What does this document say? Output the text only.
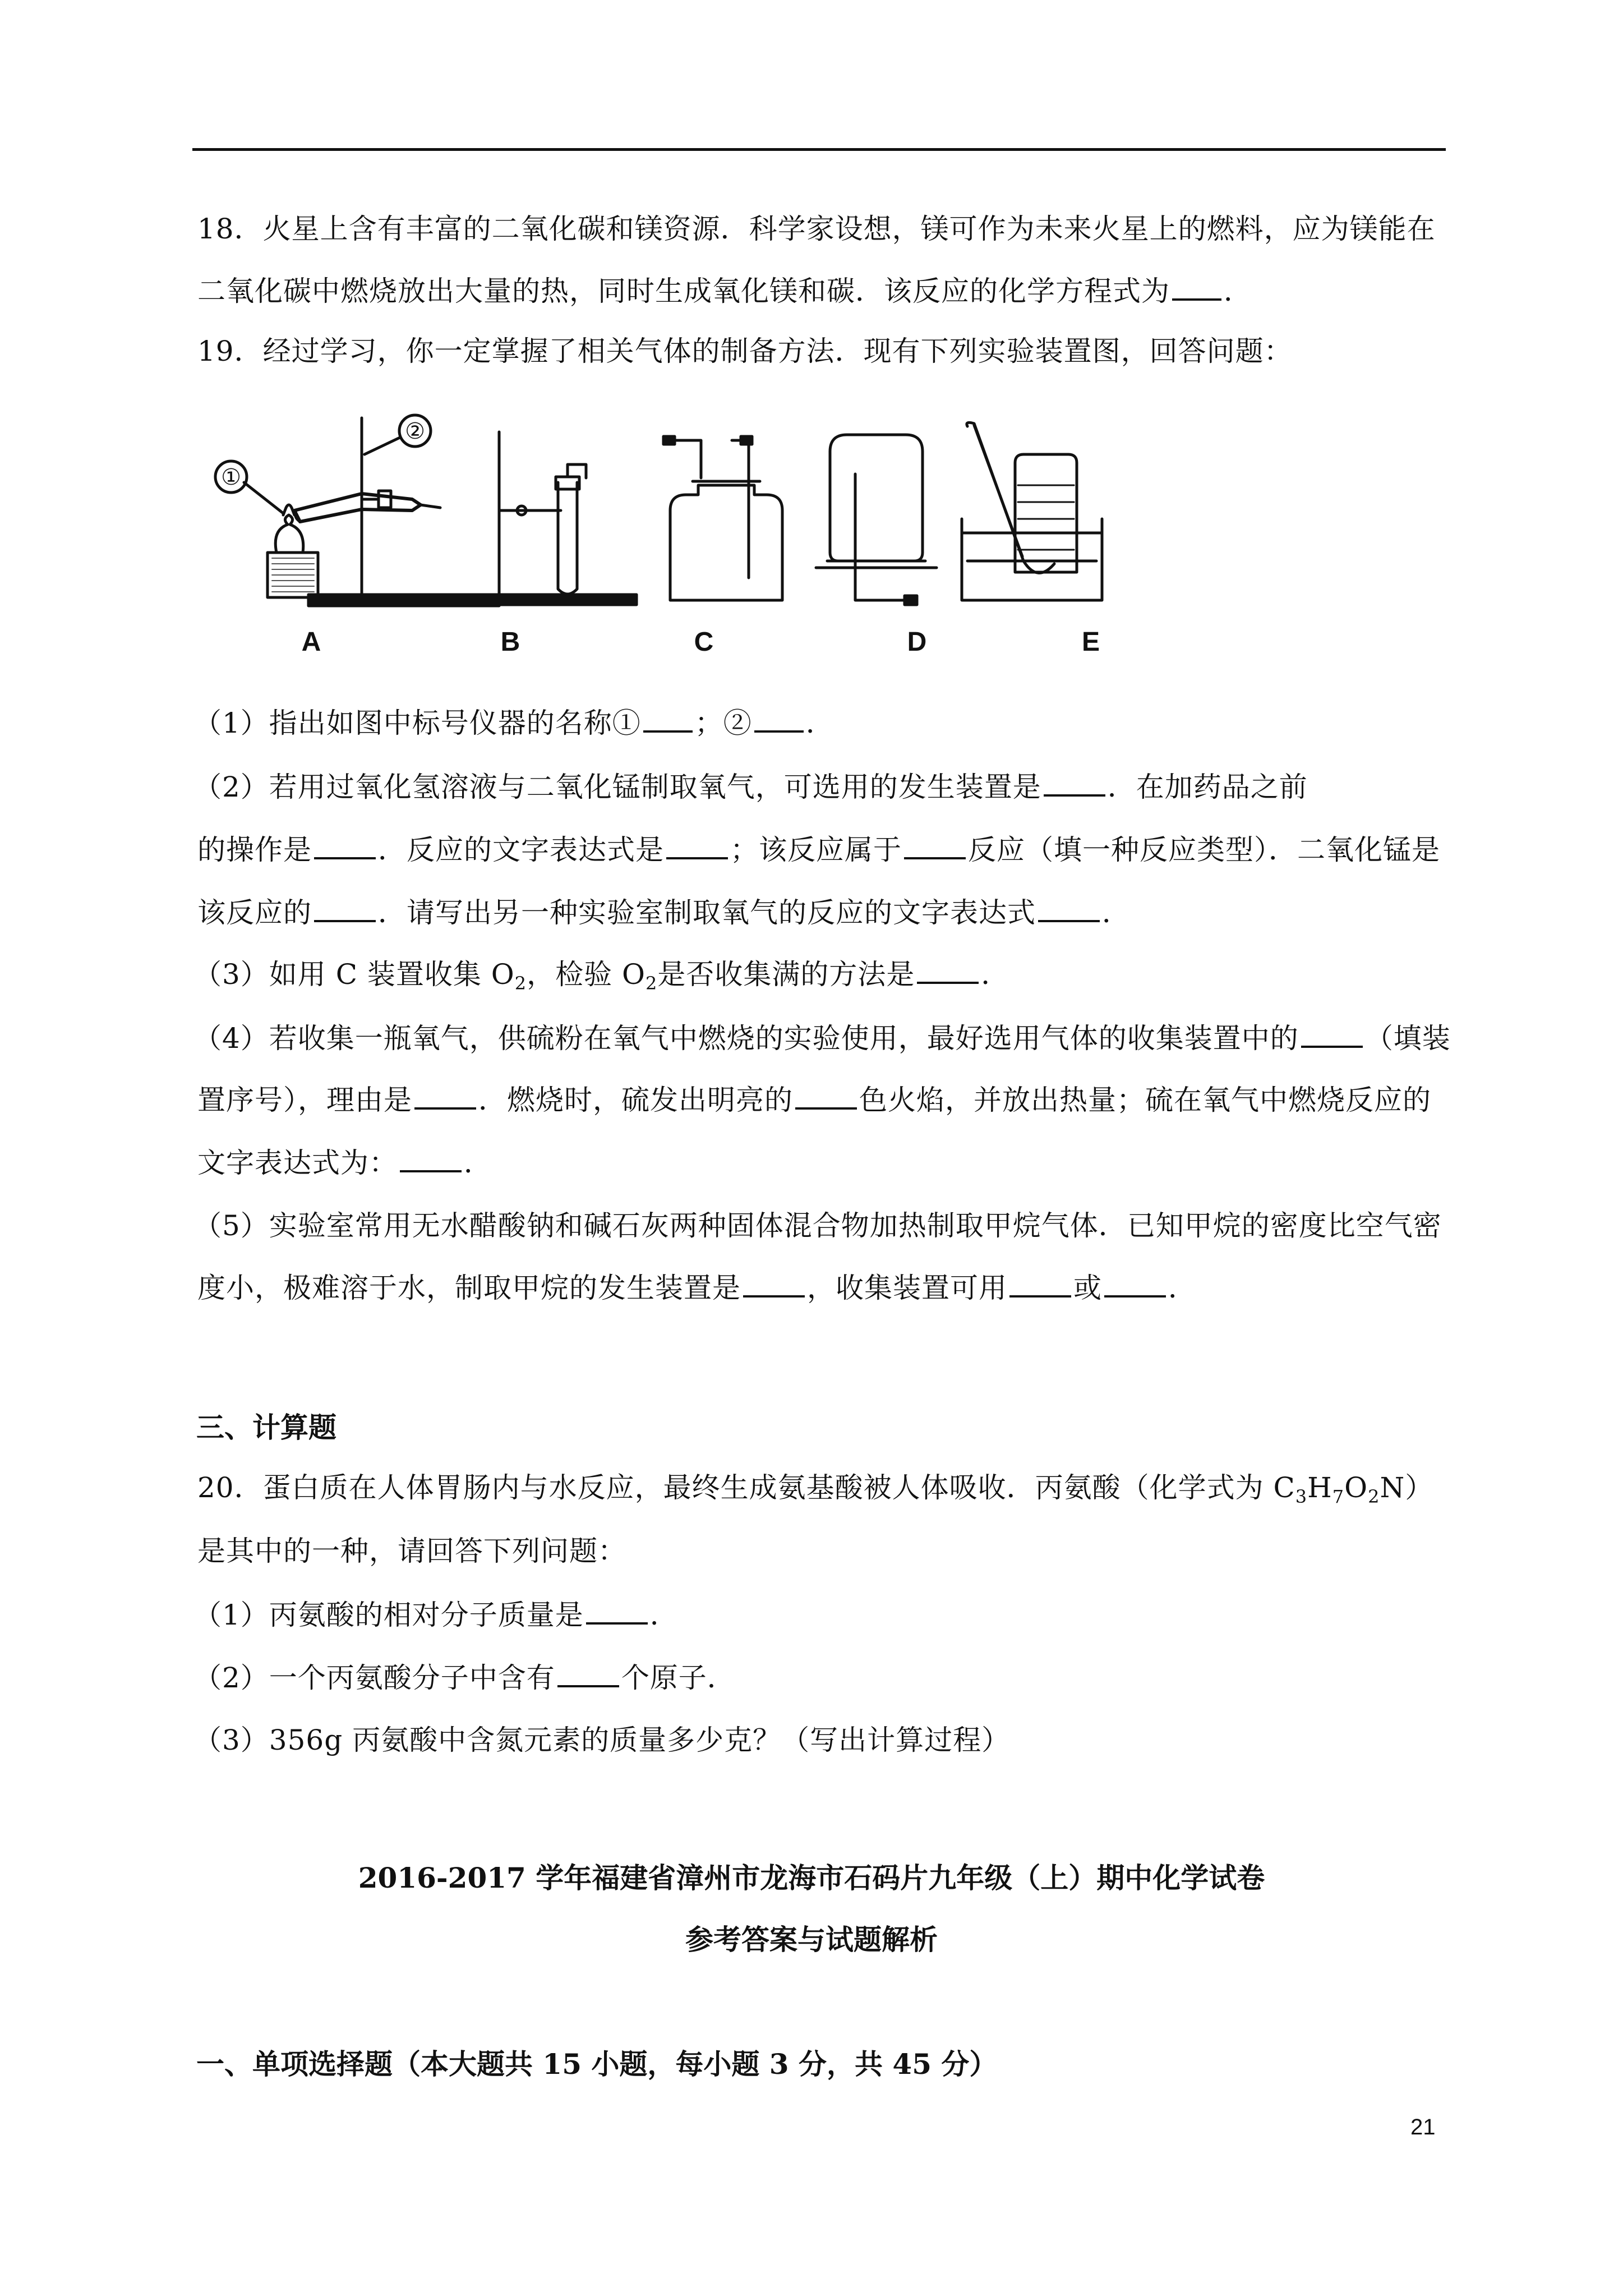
18．火星上含有丰富的二氧化碳和镁资源．科学家设想，镁可作为未来火星上的燃料，应为镁能在
二氧化碳中燃烧放出大量的热，同时生成氧化镁和碳．该反应的化学方程式为 ．
19．经过学习，你一定掌握了相关气体的制备方法．现有下列实验装置图，回答问题：
①
②
A	B	C	D	E
（1）指出如图中标号仪器的名称① ；② ．
（2）若用过氧化氢溶液与二氧化锰制取氧气，可选用的发生装置是 ．在加药品之前
的操作是 ．反应的文字表达式是 ；该反应属于 反应（填一种反应类型）．二氧化锰是
该反应的 ．请写出另一种实验室制取氧气的反应的文字表达式 ．
（3）如用 C 装置收集 $O_2$，检验 $O_2$是否收集满的方法是 ．
（4）若收集一瓶氧气，供硫粉在氧气中燃烧的实验使用，最好选用气体的收集装置中的 （填装
置序号），理由是 ．燃烧时，硫发出明亮的 色火焰，并放出热量；硫在氧气中燃烧反应的
文字表达式为： ．
（5）实验室常用无水醋酸钠和碱石灰两种固体混合物加热制取甲烷气体．已知甲烷的密度比空气密
度小，极难溶于水，制取甲烷的发生装置是 ，收集装置可用 或 ．
三、计算题
20．蛋白质在人体胃肠内与水反应，最终生成氨基酸被人体吸收．丙氨酸（化学式为 $C_3H_7O_2N$）
是其中的一种，请回答下列问题：
（1）丙氨酸的相对分子质量是 ．
（2）一个丙氨酸分子中含有 个原子．
（3）356g 丙氨酸中含氮元素的质量多少克？（写出计算过程）
2016-2017 学年福建省漳州市龙海市石码片九年级（上）期中化学试卷
参考答案与试题解析
一、单项选择题（本大题共 15 小题，每小题 3 分，共 45 分）
21
